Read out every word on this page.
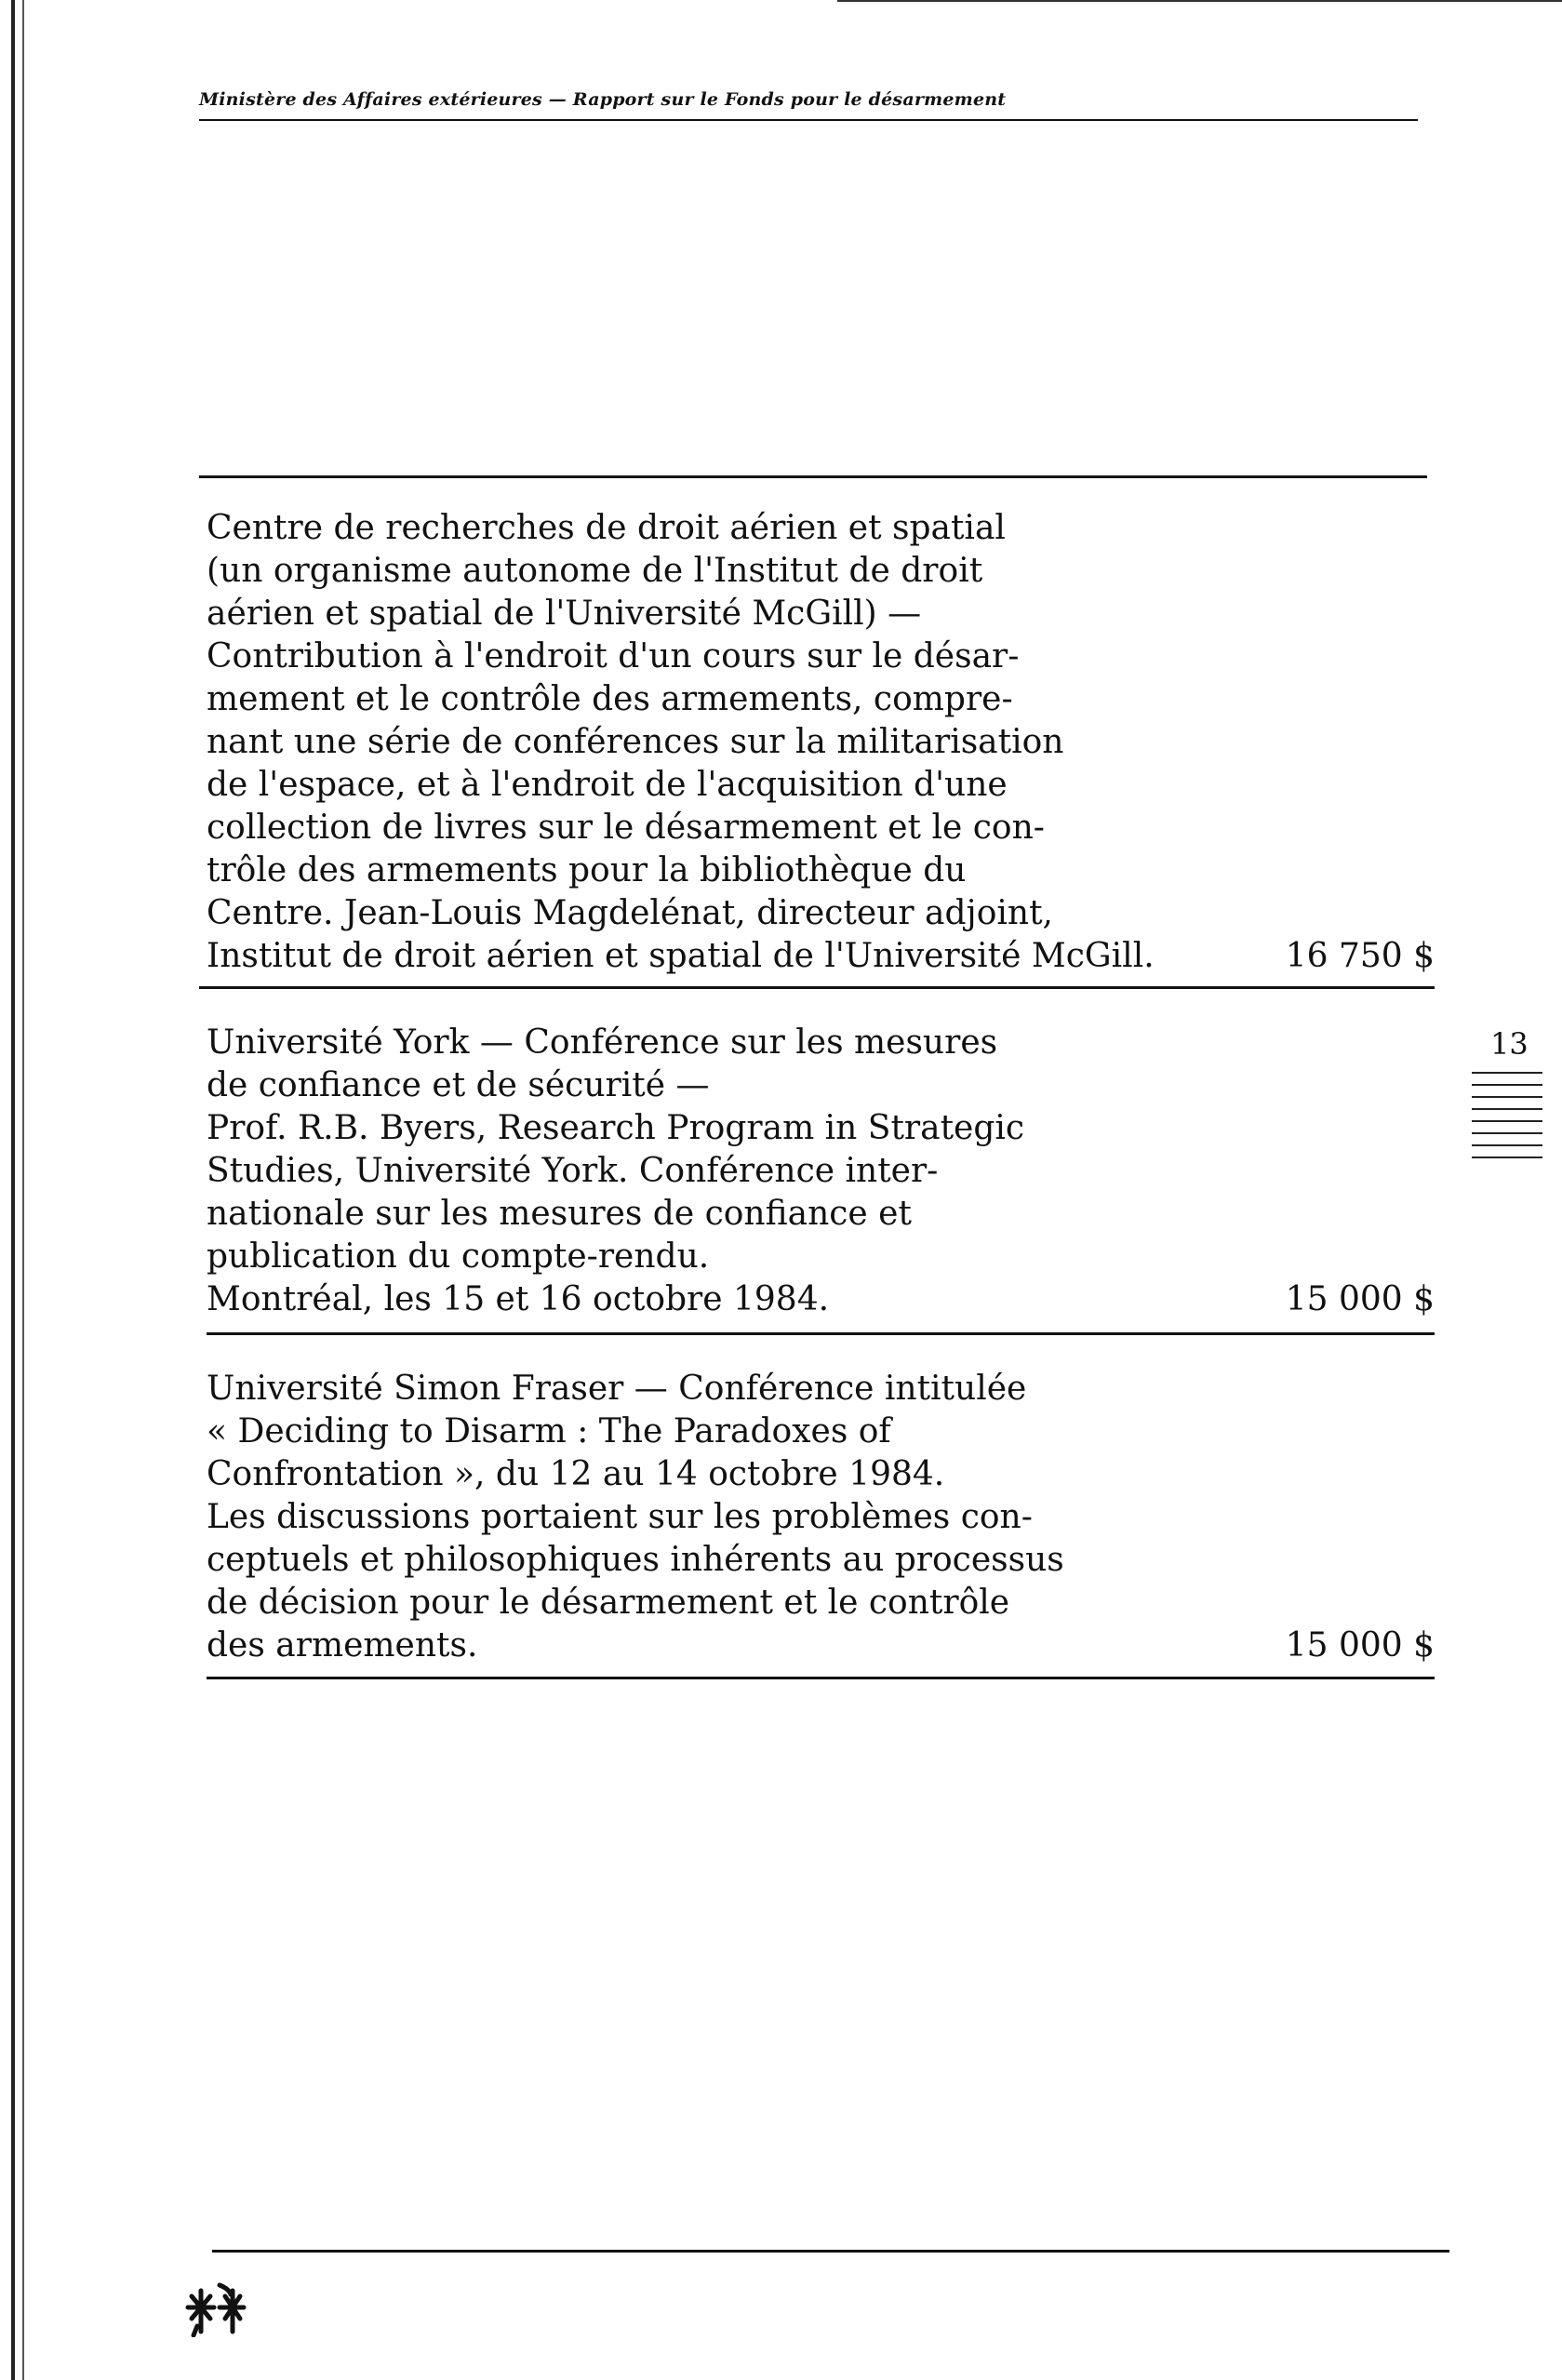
Ministère des Affaires extérieures — Rapport sur le Fonds pour le désarmement
Centre de recherches de droit aérien et spatial
(un organisme autonome de l'Institut de droit
aérien et spatial de l'Université McGill) —
Contribution à l'endroit d'un cours sur le désar-
mement et le contrôle des armements, compre-
nant une série de conférences sur la militarisation
de l'espace, et à l'endroit de l'acquisition d'une
collection de livres sur le désarmement et le con-
trôle des armements pour la bibliothèque du
Centre. Jean-Louis Magdelénat, directeur adjoint,
Institut de droit aérien et spatial de l'Université McGill.	16 750 $
Université York — Conférence sur les mesures
de confiance et de sécurité —
Prof. R.B. Byers, Research Program in Strategic
Studies, Université York. Conférence inter-
nationale sur les mesures de confiance et
publication du compte-rendu.
Montréal, les 15 et 16 octobre 1984.	15 000 $
Université Simon Fraser — Conférence intitulée
« Deciding to Disarm : The Paradoxes of
Confrontation », du 12 au 14 octobre 1984.
Les discussions portaient sur les problèmes con-
ceptuels et philosophiques inhérents au processus
de décision pour le désarmement et le contrôle
des armements.	15 000 $
13
